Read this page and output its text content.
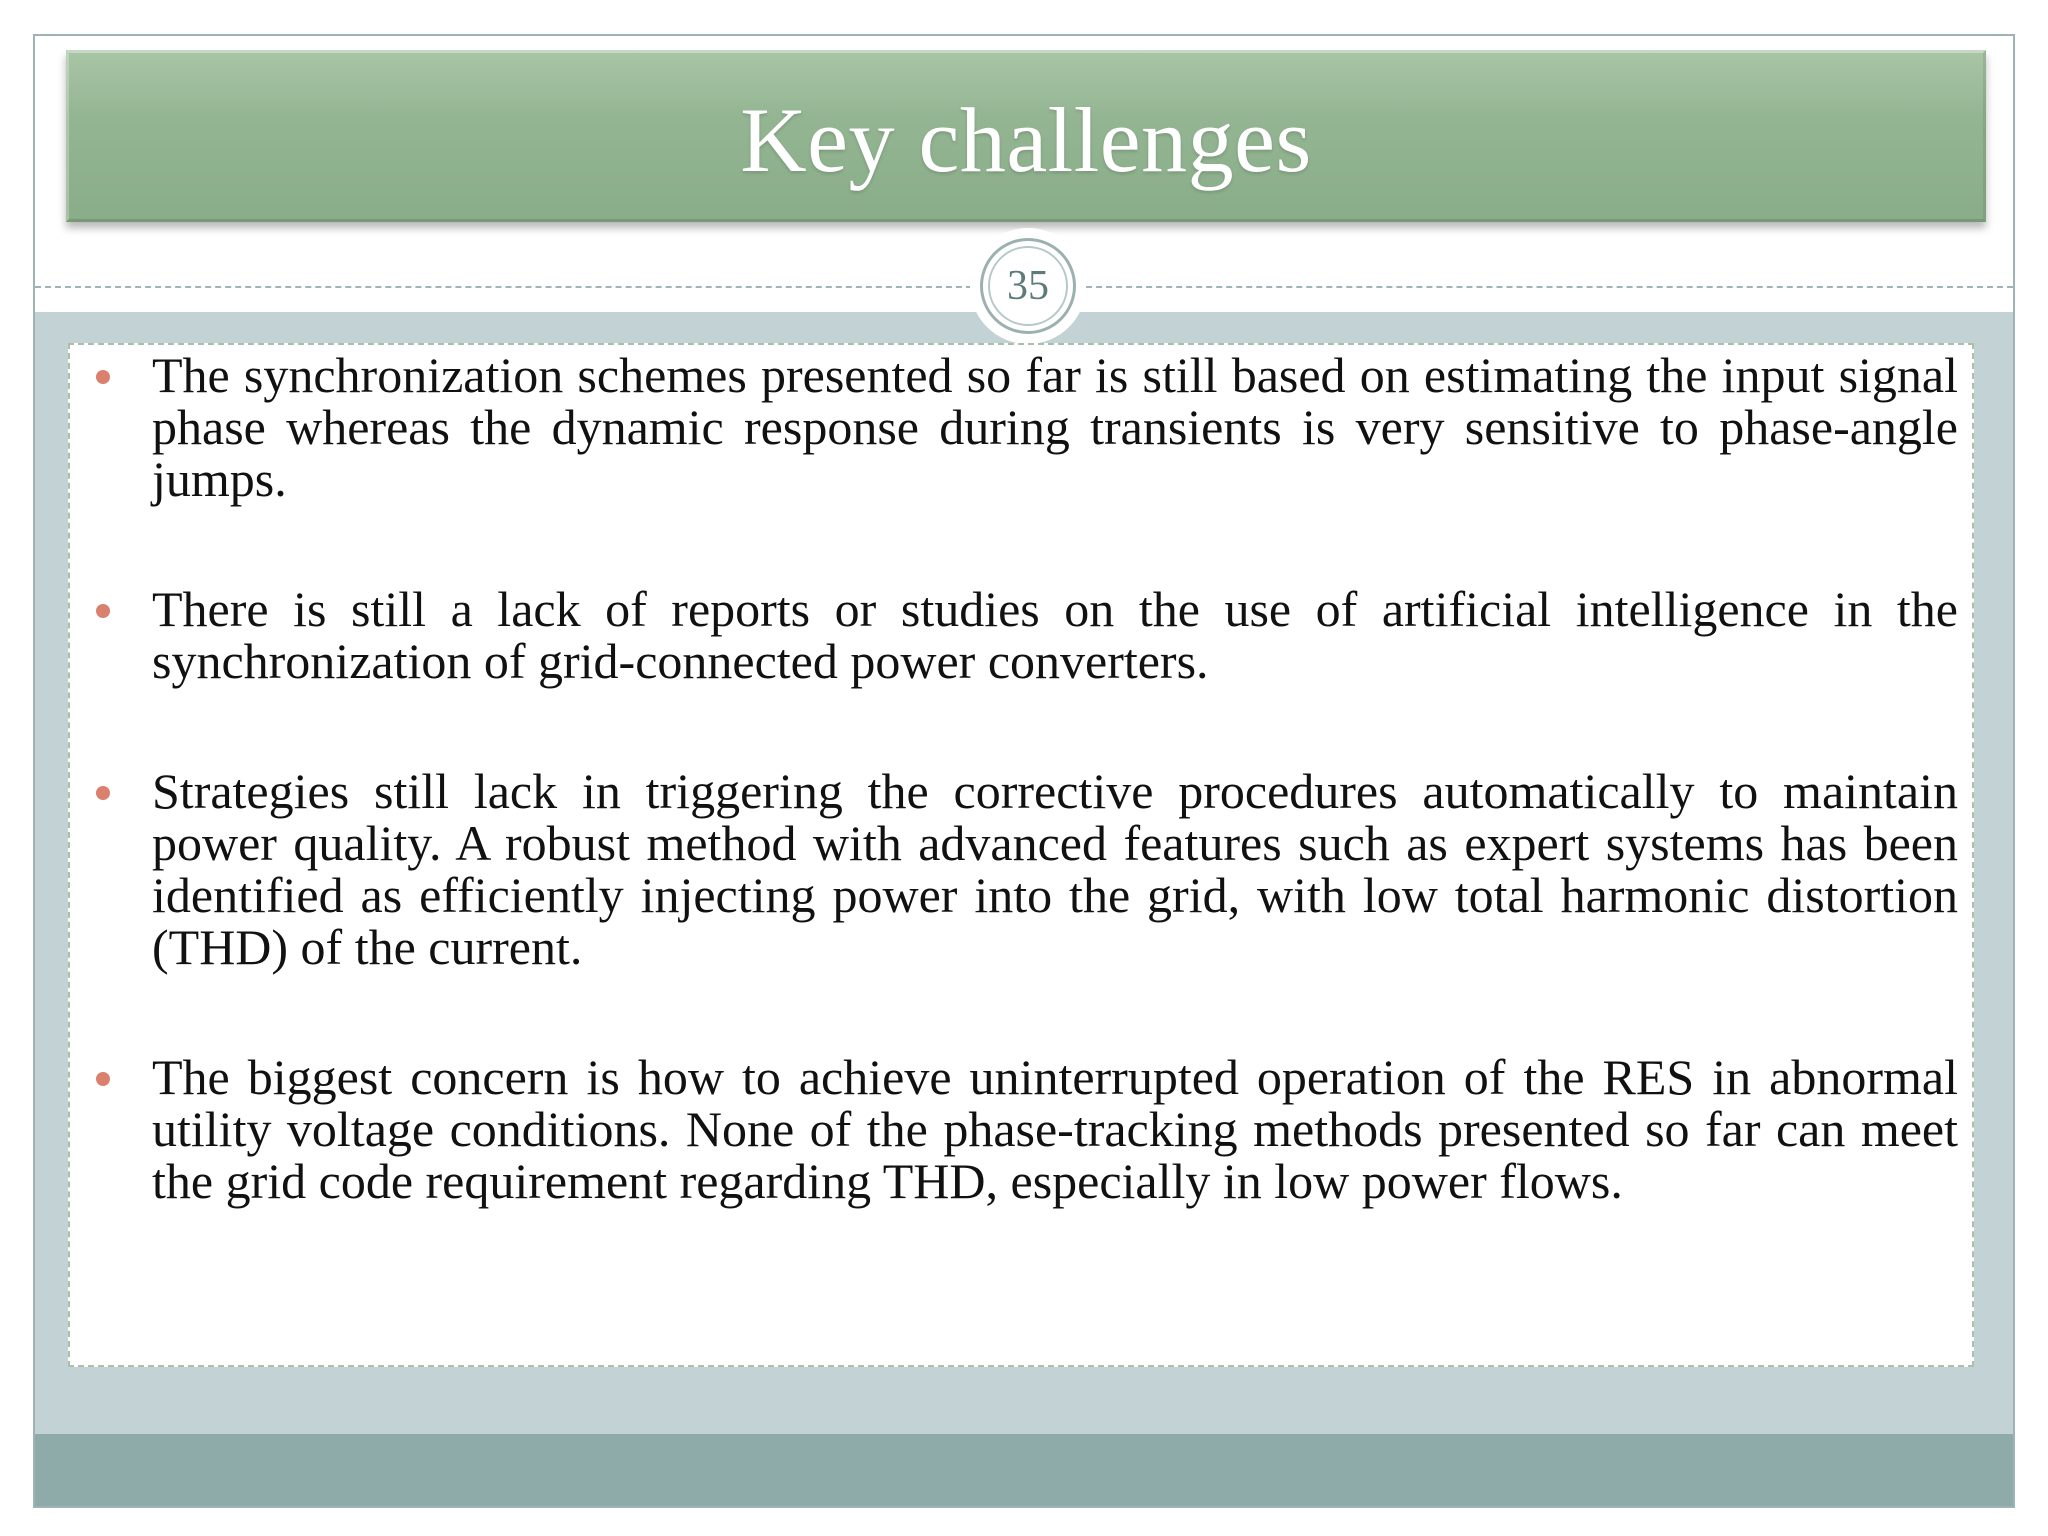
Key challenges
35
The synchronization schemes presented so far is still based on estimating the input signal phase whereas the dynamic response during transients is very sensitive to phase-angle jumps.
There is still a lack of reports or studies on the use of artificial intelligence in the synchronization of grid-connected power converters.
Strategies still lack in triggering the corrective procedures automatically to maintain power quality. A robust method with advanced features such as expert systems has been identified as efficiently injecting power into the grid, with low total harmonic distortion (THD) of the current.
The biggest concern is how to achieve uninterrupted operation of the RES in abnormal utility voltage conditions. None of the phase-tracking methods presented so far can meet the grid code requirement regarding THD, especially in low power flows.
